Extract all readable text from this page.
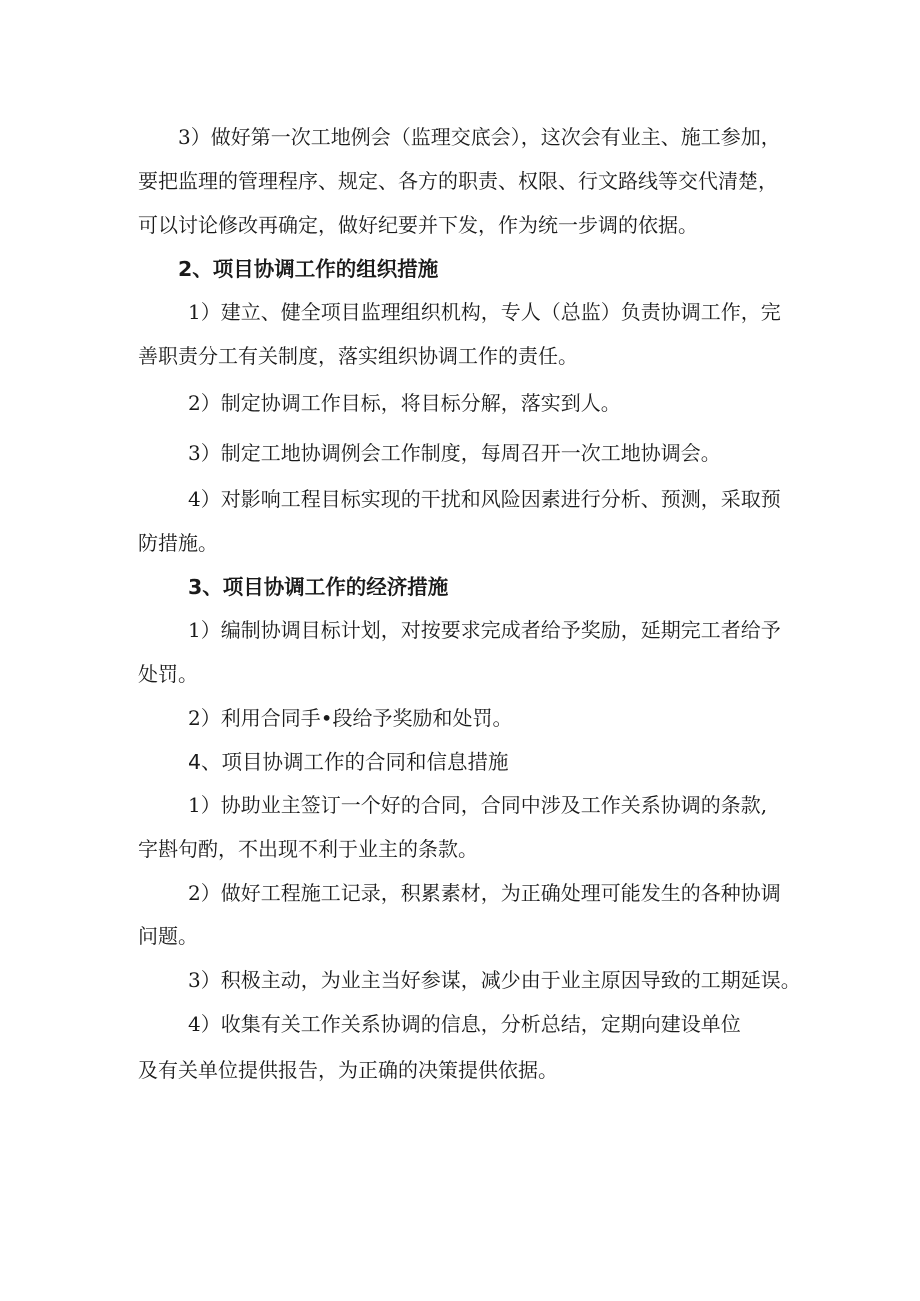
3）做好第一次工地例会（监理交底会），这次会有业主、施工参加，
要把监理的管理程序、规定、各方的职责、权限、行文路线等交代清楚，
可以讨论修改再确定，做好纪要并下发，作为统一步调的依据。
2、项目协调工作的组织措施
1）建立、健全项目监理组织机构，专人（总监）负责协调工作，完
善职责分工有关制度，落实组织协调工作的责任。
2）制定协调工作目标，将目标分解，落实到人。
3）制定工地协调例会工作制度，每周召开一次工地协调会。
4）对影响工程目标实现的干扰和风险因素进行分析、预测，采取预
防措施。
3、项目协调工作的经济措施
1）编制协调目标计划，对按要求完成者给予奖励，延期完工者给予
处罚。
2）利用合同手•段给予奖励和处罚。
4、项目协调工作的合同和信息措施
1）协助业主签订一个好的合同，合同中涉及工作关系协调的条款,
字斟句酌，不出现不利于业主的条款。
2）做好工程施工记录，积累素材，为正确处理可能发生的各种协调
问题。
3）积极主动，为业主当好参谋，减少由于业主原因导致的工期延误。
4）收集有关工作关系协调的信息，分析总结，定期向建设单位
及有关单位提供报告，为正确的决策提供依据。
